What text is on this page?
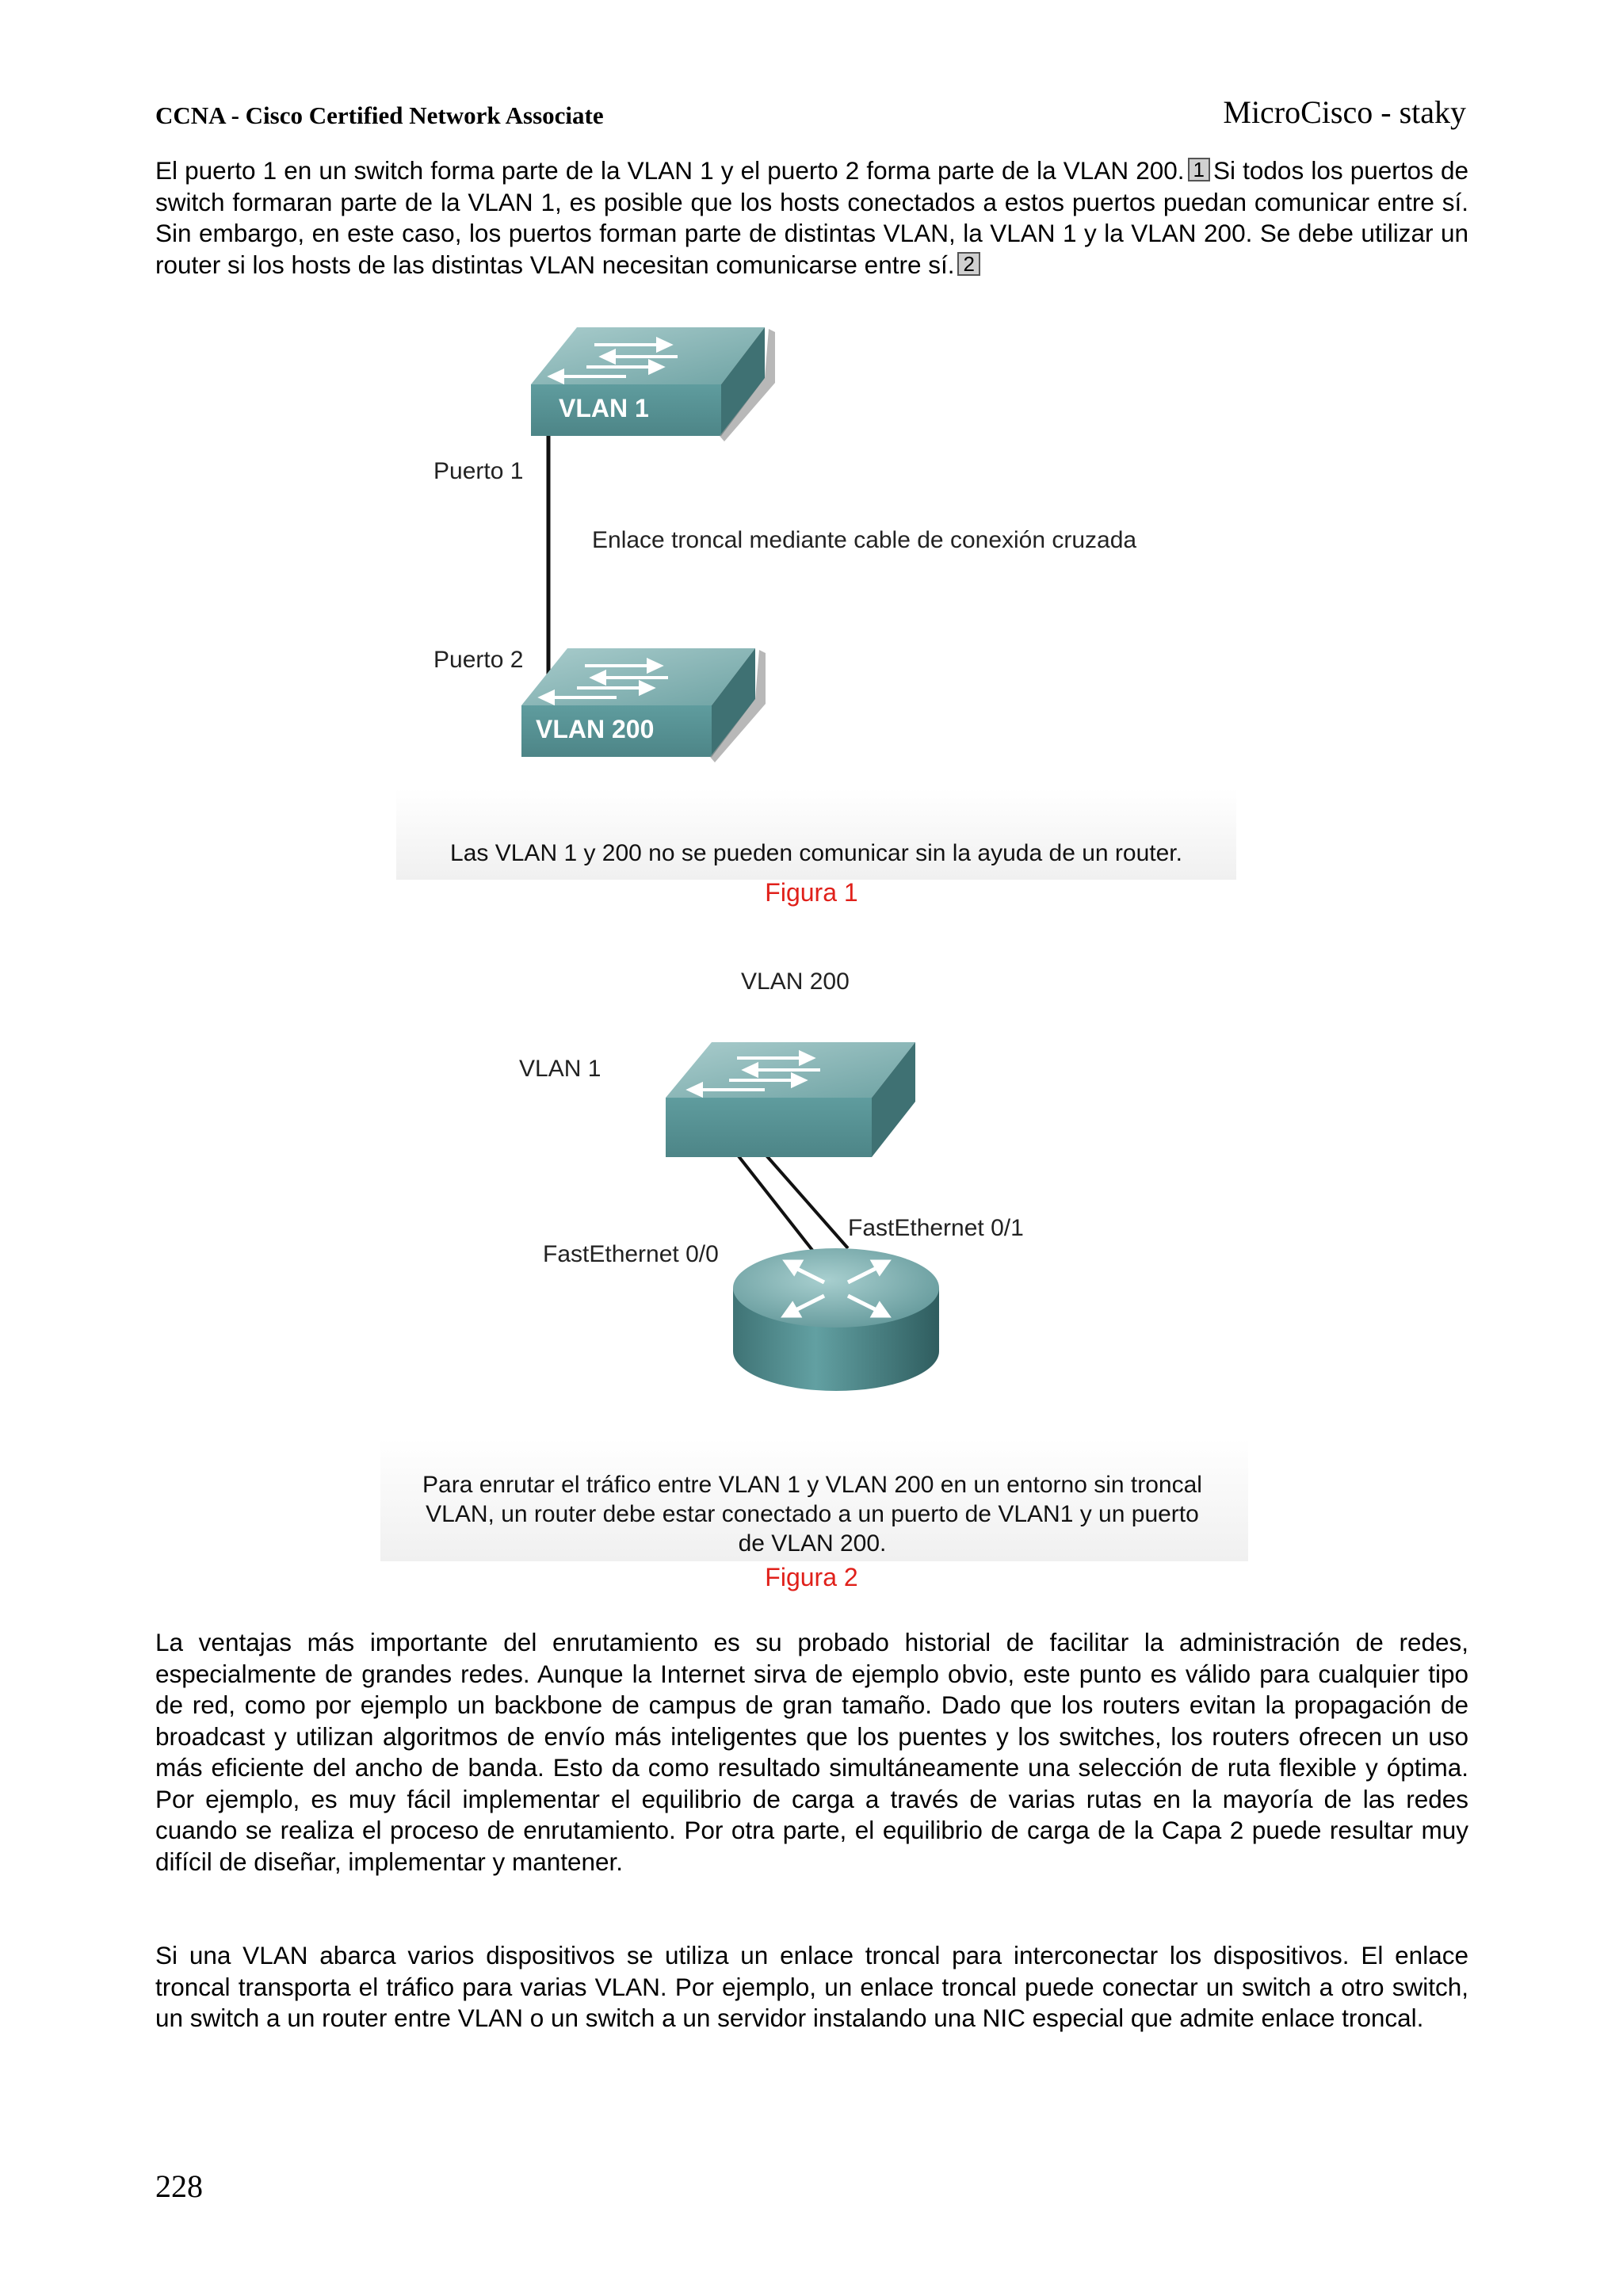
CCNA - Cisco Certified Network Associate	MicroCisco - staky
El puerto 1 en un switch forma parte de la VLAN 1 y el puerto 2 forma parte de la VLAN 200. 1 Si todos los puertos de switch formaran parte de la VLAN 1, es posible que los hosts conectados a estos puertos puedan comunicar entre sí. Sin embargo, en este caso, los puertos forman parte de distintas VLAN, la VLAN 1 y la VLAN 200. Se debe utilizar un router si los hosts de las distintas VLAN necesitan comunicarse entre sí. 2
VLAN 1
VLAN 200
Puerto 1
Puerto 2
Enlace troncal mediante cable de conexión cruzada
Las VLAN 1 y 200 no se pueden comunicar sin la ayuda de un router.
Figura 1
VLAN 200
VLAN 1
FastEthernet 0/0
FastEthernet 0/1
Para enrutar el tráfico entre VLAN 1 y VLAN 200 en un entorno sin troncal
VLAN, un router debe estar conectado a un puerto de VLAN1 y un puerto
de VLAN 200.
Figura 2
La ventajas más importante del enrutamiento es su probado historial de facilitar la administración de redes, especialmente de grandes redes. Aunque la Internet sirva de ejemplo obvio, este punto es válido para cualquier tipo de red, como por ejemplo un backbone de campus de gran tamaño. Dado que los routers evitan la propagación de broadcast y utilizan algoritmos de envío más inteligentes que los puentes y los switches, los routers ofrecen un uso más eficiente del ancho de banda. Esto da como resultado simultáneamente una selección de ruta flexible y óptima. Por ejemplo, es muy fácil implementar el equilibrio de carga a través de varias rutas en la mayoría de las redes cuando se realiza el proceso de enrutamiento. Por otra parte, el equilibrio de carga de la Capa 2 puede resultar muy difícil de diseñar, implementar y mantener.
Si una VLAN abarca varios dispositivos se utiliza un enlace troncal para interconectar los dispositivos. El enlace troncal transporta el tráfico para varias VLAN. Por ejemplo, un enlace troncal puede conectar un switch a otro switch, un switch a un router entre VLAN o un switch a un servidor instalando una NIC especial que admite enlace troncal.
228
